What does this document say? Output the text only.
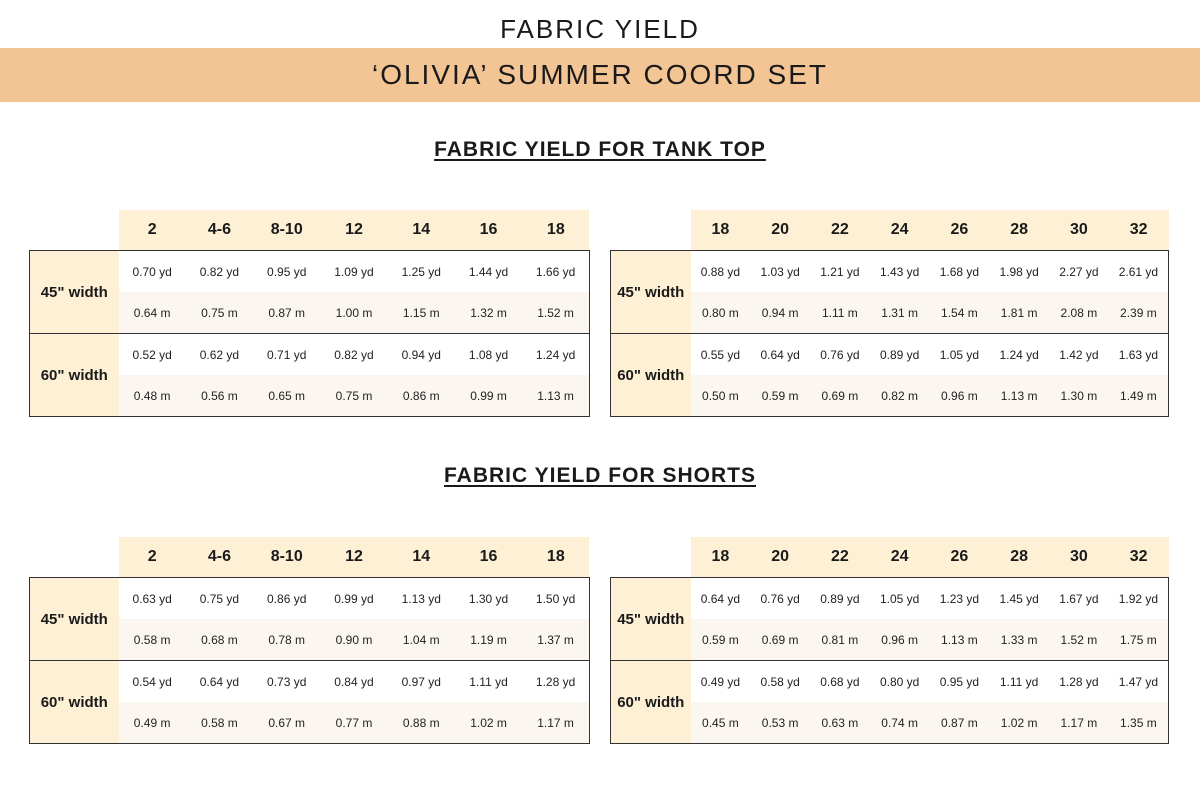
FABRIC YIELD
‘OLIVIA’ SUMMER COORD SET
FABRIC YIELD FOR TANK TOP
FABRIC YIELD FOR SHORTS
	2	4-6	8-10	12	14	16	18
45" width	0.70 yd	0.82 yd	0.95 yd	1.09 yd	1.25 yd	1.44 yd	1.66 yd
	0.64 m	0.75 m	0.87 m	1.00 m	1.15 m	1.32 m	1.52 m
60" width	0.52 yd	0.62 yd	0.71 yd	0.82 yd	0.94 yd	1.08 yd	1.24 yd
	0.48 m	0.56 m	0.65 m	0.75 m	0.86 m	0.99 m	1.13 m
	18	20	22	24	26	28	30	32
45" width	0.88 yd	1.03 yd	1.21 yd	1.43 yd	1.68 yd	1.98 yd	2.27 yd	2.61 yd
	0.80 m	0.94 m	1.11 m	1.31 m	1.54 m	1.81 m	2.08 m	2.39 m
60" width	0.55 yd	0.64 yd	0.76 yd	0.89 yd	1.05 yd	1.24 yd	1.42 yd	1.63 yd
	0.50 m	0.59 m	0.69 m	0.82 m	0.96 m	1.13 m	1.30 m	1.49 m
	2	4-6	8-10	12	14	16	18
45" width	0.63 yd	0.75 yd	0.86 yd	0.99 yd	1.13 yd	1.30 yd	1.50 yd
	0.58 m	0.68 m	0.78 m	0.90 m	1.04 m	1.19 m	1.37 m
60" width	0.54 yd	0.64 yd	0.73 yd	0.84 yd	0.97 yd	1.11 yd	1.28 yd
	0.49 m	0.58 m	0.67 m	0.77 m	0.88 m	1.02 m	1.17 m
	18	20	22	24	26	28	30	32
45" width	0.64 yd	0.76 yd	0.89 yd	1.05 yd	1.23 yd	1.45 yd	1.67 yd	1.92 yd
	0.59 m	0.69 m	0.81 m	0.96 m	1.13 m	1.33 m	1.52 m	1.75 m
60" width	0.49 yd	0.58 yd	0.68 yd	0.80 yd	0.95 yd	1.11 yd	1.28 yd	1.47 yd
	0.45 m	0.53 m	0.63 m	0.74 m	0.87 m	1.02 m	1.17 m	1.35 m
